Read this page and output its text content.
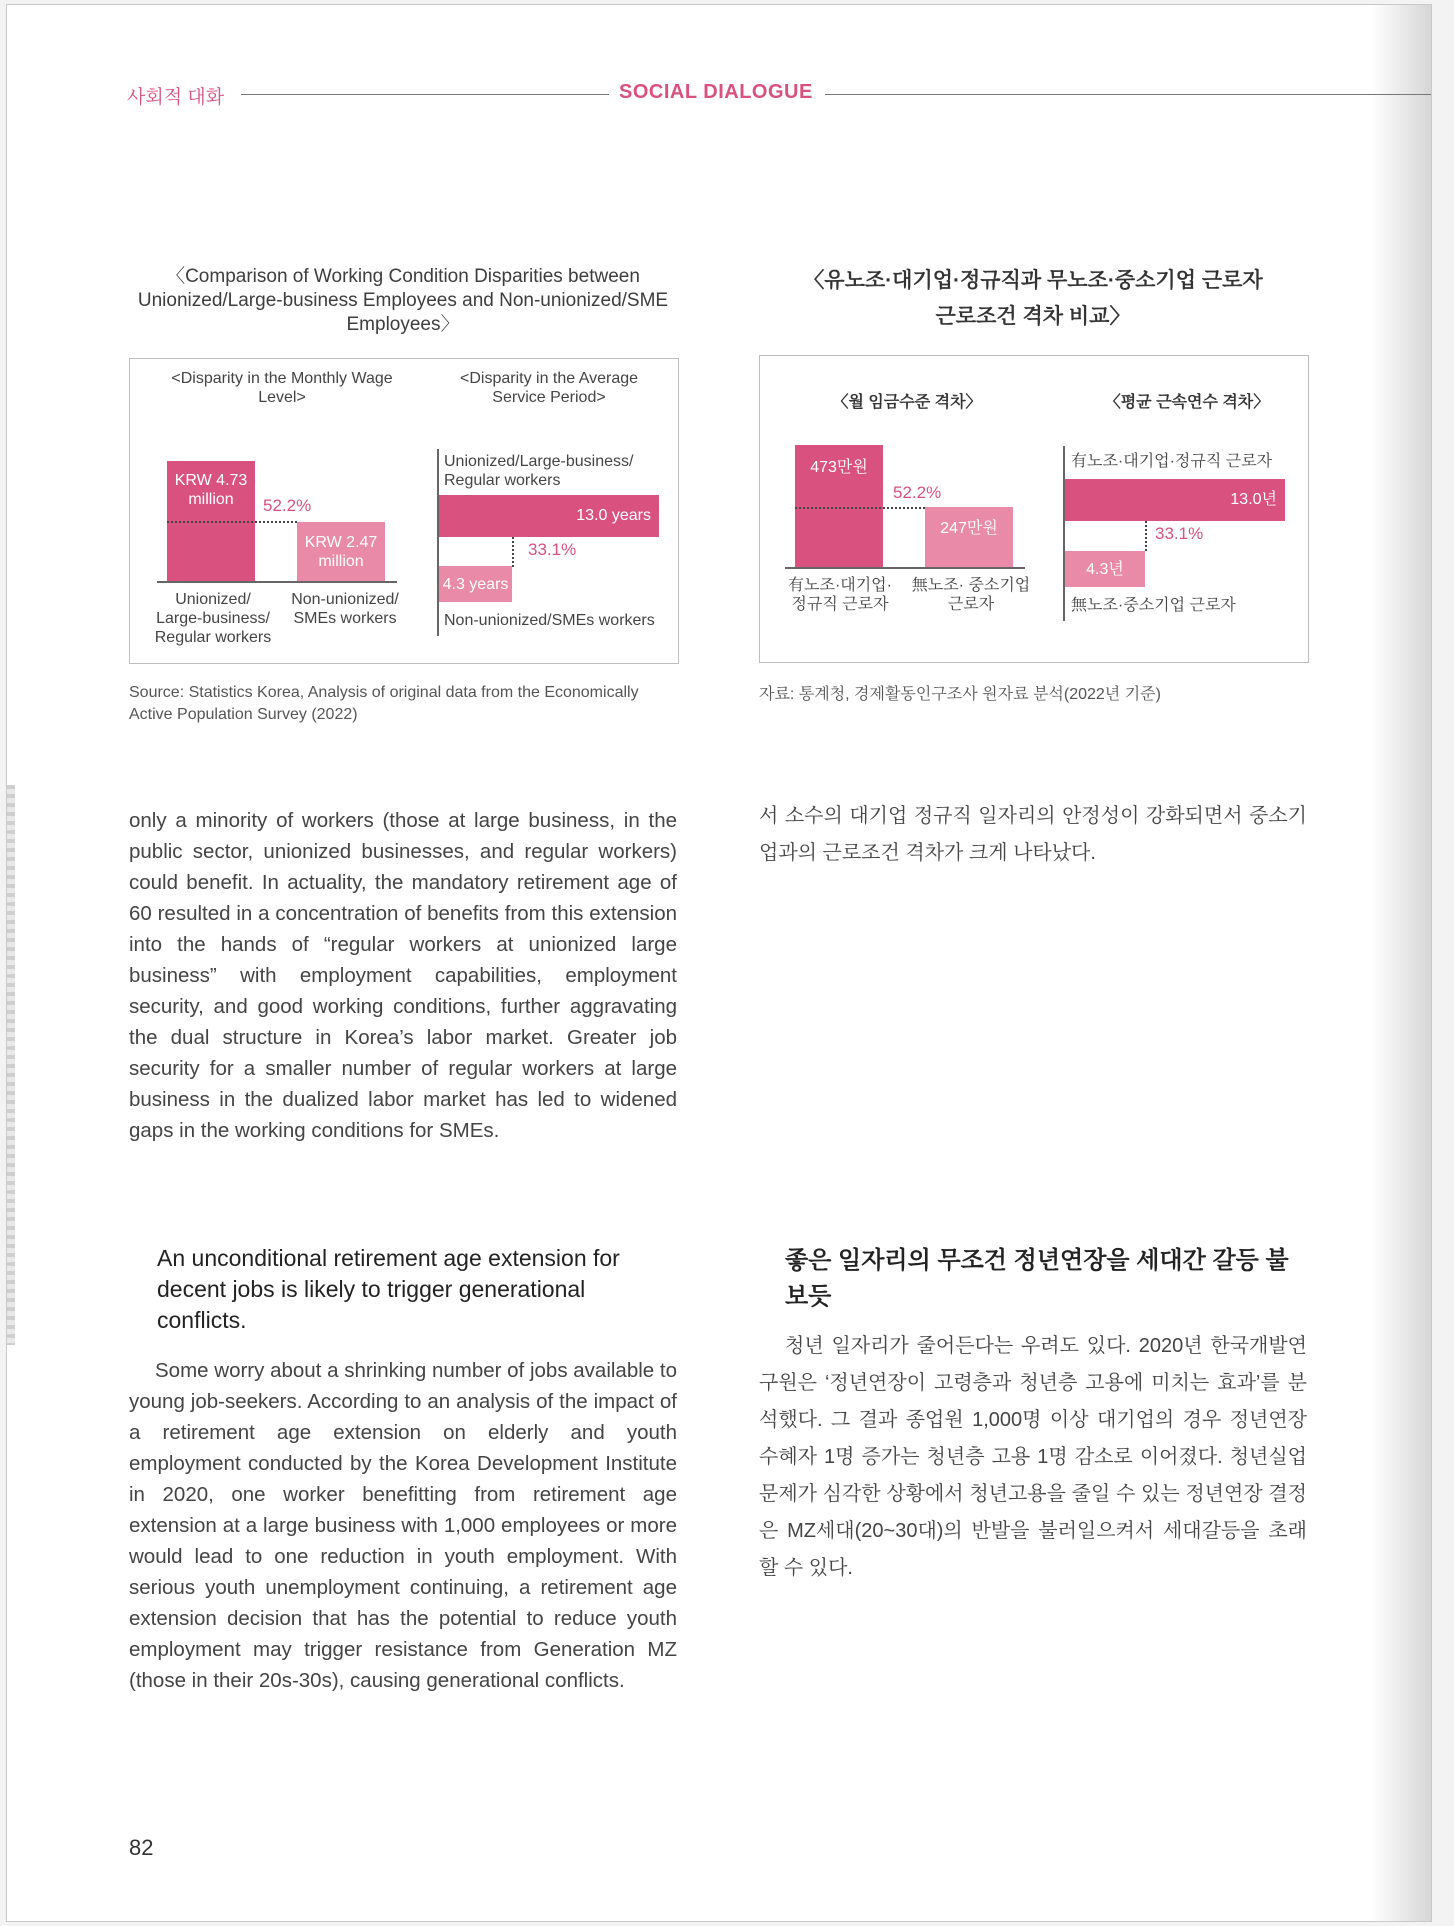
사회적 대화	SOCIAL DIALOGUE
〈Comparison of Working Condition Disparities between Unionized/Large-business Employees and Non-unionized/SME Employees〉
<Disparity in the Monthly Wage Level>
KRW 4.73 million
KRW 2.47 million
52.2%
Unionized/ Large-business/ Regular workers
Non-unionized/ SMEs workers
<Disparity in the Average Service Period>
Unionized/Large-business/ Regular workers
13.0 years
33.1%
4.3 years
Non-unionized/SMEs workers
Source: Statistics Korea, Analysis of original data from the Economically Active Population Survey (2022)
〈유노조·대기업·정규직과 무노조·중소기업 근로자
근로조건 격차 비교〉
〈월 임금수준 격차〉
473만원
247만원
52.2%
有노조·대기업· 정규직 근로자
無노조· 중소기업 근로자
〈평균 근속연수 격차〉
有노조·대기업·정규직 근로자
13.0년
33.1%
4.3년
無노조·중소기업 근로자
자료: 통계청, 경제활동인구조사 원자료 분석(2022년 기준)
only a minority of workers (those at large business, in the public sector, unionized businesses, and regular workers) could benefit. In actuality, the mandatory retirement age of 60 resulted in a concentration of benefits from this extension into the hands of “regular workers at unionized large business” with employment capabilities, employment security, and good working conditions, further aggravating the dual structure in Korea’s labor market. Greater job security for a smaller number of regular workers at large business in the dualized labor market has led to widened gaps in the working conditions for SMEs.
서 소수의 대기업 정규직 일자리의 안정성이 강화되면서 중소기업과의 근로조건 격차가 크게 나타났다.
An unconditional retirement age extension for decent jobs is likely to trigger generational conflicts.
좋은 일자리의 무조건 정년연장을 세대간 갈등 불보듯
Some worry about a shrinking number of jobs available to young job-seekers. According to an analysis of the impact of a retirement age extension on elderly and youth employment conducted by the Korea Development Institute in 2020, one worker benefitting from retirement age extension at a large business with 1,000 employees or more would lead to one reduction in youth employment. With serious youth unemployment continuing, a retirement age extension decision that has the potential to reduce youth employment may trigger resistance from Generation MZ (those in their 20s-30s), causing generational conflicts.
청년 일자리가 줄어든다는 우려도 있다. 2020년 한국개발연구원은 ‘정년연장이 고령층과 청년층 고용에 미치는 효과’를 분석했다. 그 결과 종업원 1,000명 이상 대기업의 경우 정년연장 수혜자 1명 증가는 청년층 고용 1명 감소로 이어졌다. 청년실업 문제가 심각한 상황에서 청년고용을 줄일 수 있는 정년연장 결정은 MZ세대(20~30대)의 반발을 불러일으켜서 세대갈등을 초래할 수 있다.
82
